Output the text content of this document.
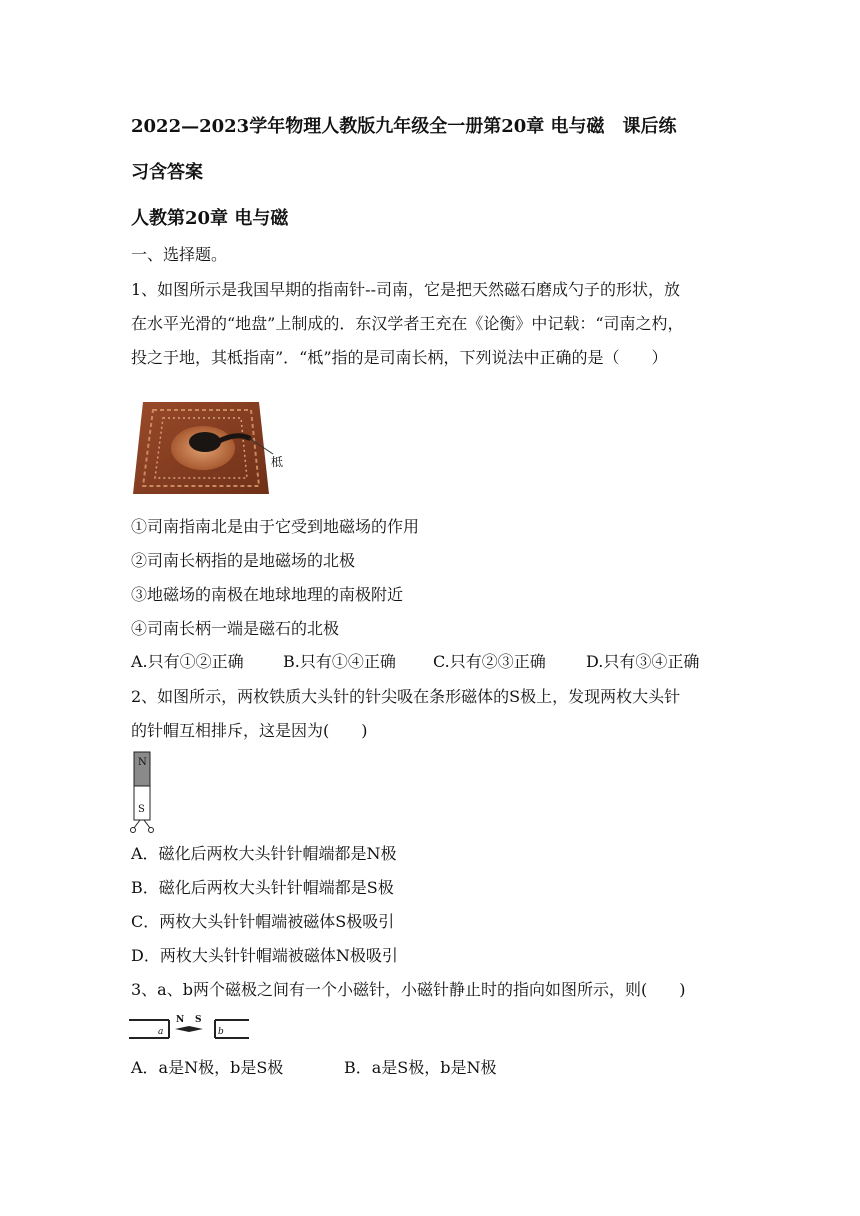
2022—2023学年物理人教版九年级全一册第20章 电与磁　课后练
习含答案
人教第20章 电与磁
一、选择题。
1、如图所示是我国早期的指南针--司南，它是把天然磁石磨成勺子的形状，放
在水平光滑的“地盘”上制成的．东汉学者王充在《论衡》中记载：“司南之杓，
投之于地，其柢指南”．“柢”指的是司南长柄，下列说法中正确的是（　　）
柢
①司南指南北是由于它受到地磁场的作用
②司南长柄指的是地磁场的北极
③地磁场的南极在地球地理的南极附近
④司南长柄一端是磁石的北极
A.只有①②正确 B.只有①④正确 C.只有②③正确	D.只有③④正确
2、如图所示，两枚铁质大头针的针尖吸在条形磁体的S极上，发现两枚大头针
的针帽互相排斥，这是因为(　　)
N
S
A．磁化后两枚大头针针帽端都是N极
B．磁化后两枚大头针针帽端都是S极
C．两枚大头针针帽端被磁体S极吸引
D．两枚大头针针帽端被磁体N极吸引
3、a、b两个磁极之间有一个小磁针，小磁针静止时的指向如图所示，则(　　)
a
N S
b
A．a是N极，b是S极	B．a是S极，b是N极
